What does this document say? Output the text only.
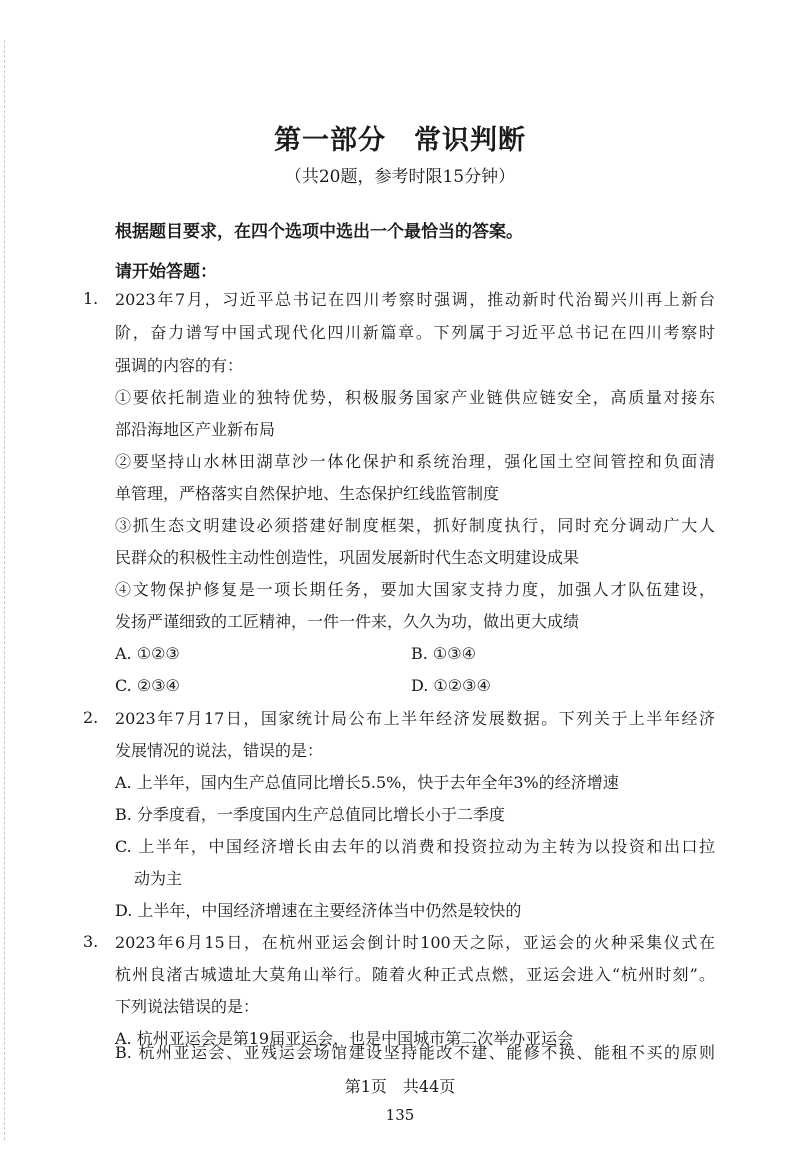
第一部分　常识判断
（共20题，参考时限15分钟）
根据题目要求，在四个选项中选出一个最恰当的答案。
请开始答题：
1. 2023年7月，习近平总书记在四川考察时强调，推动新时代治蜀兴川再上新台
阶，奋力谱写中国式现代化四川新篇章。下列属于习近平总书记在四川考察时
强调的内容的有：
①要依托制造业的独特优势，积极服务国家产业链供应链安全，高质量对接东
部沿海地区产业新布局
②要坚持山水林田湖草沙一体化保护和系统治理，强化国土空间管控和负面清
单管理，严格落实自然保护地、生态保护红线监管制度
③抓生态文明建设必须搭建好制度框架，抓好制度执行，同时充分调动广大人
民群众的积极性主动性创造性，巩固发展新时代生态文明建设成果
④文物保护修复是一项长期任务，要加大国家支持力度，加强人才队伍建设，
发扬严谨细致的工匠精神，一件一件来，久久为功，做出更大成绩
A. ①②③	B. ①③④
C. ②③④	D. ①②③④
2. 2023年7月17日，国家统计局公布上半年经济发展数据。下列关于上半年经济
发展情况的说法，错误的是：
A. 上半年，国内生产总值同比增长5.5%，快于去年全年3%的经济增速
B. 分季度看，一季度国内生产总值同比增长小于二季度
C. 上半年，中国经济增长由去年的以消费和投资拉动为主转为以投资和出口拉
动为主
D. 上半年，中国经济增速在主要经济体当中仍然是较快的
3. 2023年6月15日，在杭州亚运会倒计时100天之际，亚运会的火种采集仪式在
杭州良渚古城遗址大莫角山举行。随着火种正式点燃，亚运会进入“杭州时刻”。
下列说法错误的是：
A. 杭州亚运会是第19届亚运会，也是中国城市第二次举办亚运会
B. 杭州亚运会、亚残运会场馆建设坚持能改不建、能修不换、能租不买的原则
第1页　共44页
135
